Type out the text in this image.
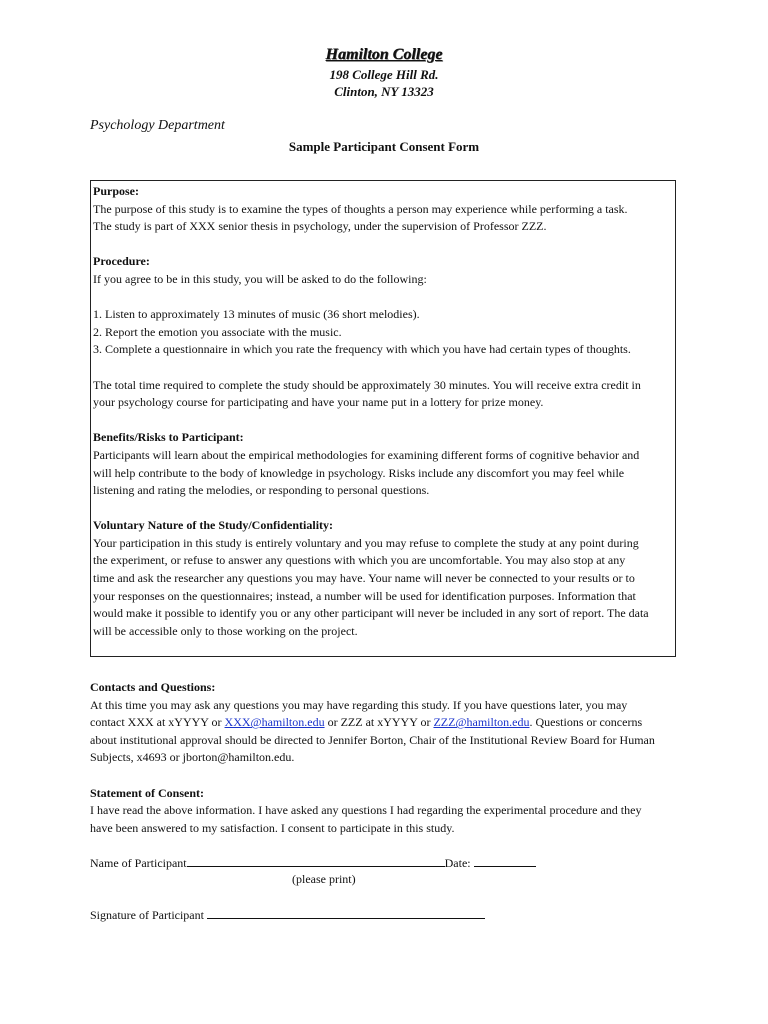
Hamilton College
198 College Hill Rd.
Clinton, NY 13323
Psychology Department
Sample Participant Consent Form

Purpose:

The purpose of this study is to examine the types of thoughts a person may experience while performing a task.

The study is part of XXX senior thesis in psychology, under the supervision of Professor ZZZ.

Procedure:

If you agree to be in this study, you will be asked to do the following:

1. Listen to approximately 13 minutes of music (36 short melodies).

2. Report the emotion you associate with the music.

3. Complete a questionnaire in which you rate the frequency with which you have had certain types of thoughts.

The total time required to complete the study should be approximately 30 minutes. You will receive extra credit in

your psychology course for participating and have your name put in a lottery for prize money.

Benefits/Risks to Participant:

Participants will learn about the empirical methodologies for examining different forms of cognitive behavior and

will help contribute to the body of knowledge in psychology. Risks include any discomfort you may feel while

listening and rating the melodies, or responding to personal questions.

Voluntary Nature of the Study/Confidentiality:

Your participation in this study is entirely voluntary and you may refuse to complete the study at any point during

the experiment, or refuse to answer any questions with which you are uncomfortable. You may also stop at any

time and ask the researcher any questions you may have. Your name will never be connected to your results or to

your responses on the questionnaires; instead, a number will be used for identification purposes. Information that

would make it possible to identify you or any other participant will never be included in any sort of report. The data

will be accessible only to those working on the project.

Contacts and Questions:

At this time you may ask any questions you may have regarding this study. If you have questions later, you may

contact XXX at xYYYY or XXX@hamilton.edu or ZZZ at xYYYY or ZZZ@hamilton.edu. Questions or concerns

about institutional approval should be directed to Jennifer Borton, Chair of the Institutional Review Board for Human

Subjects, x4693 or jborton@hamilton.edu.

Statement of Consent:

I have read the above information. I have asked any questions I had regarding the experimental procedure and they

have been answered to my satisfaction. I consent to participate in this study.

Name of Participant	Date:
(please print)
Signature of Participant
